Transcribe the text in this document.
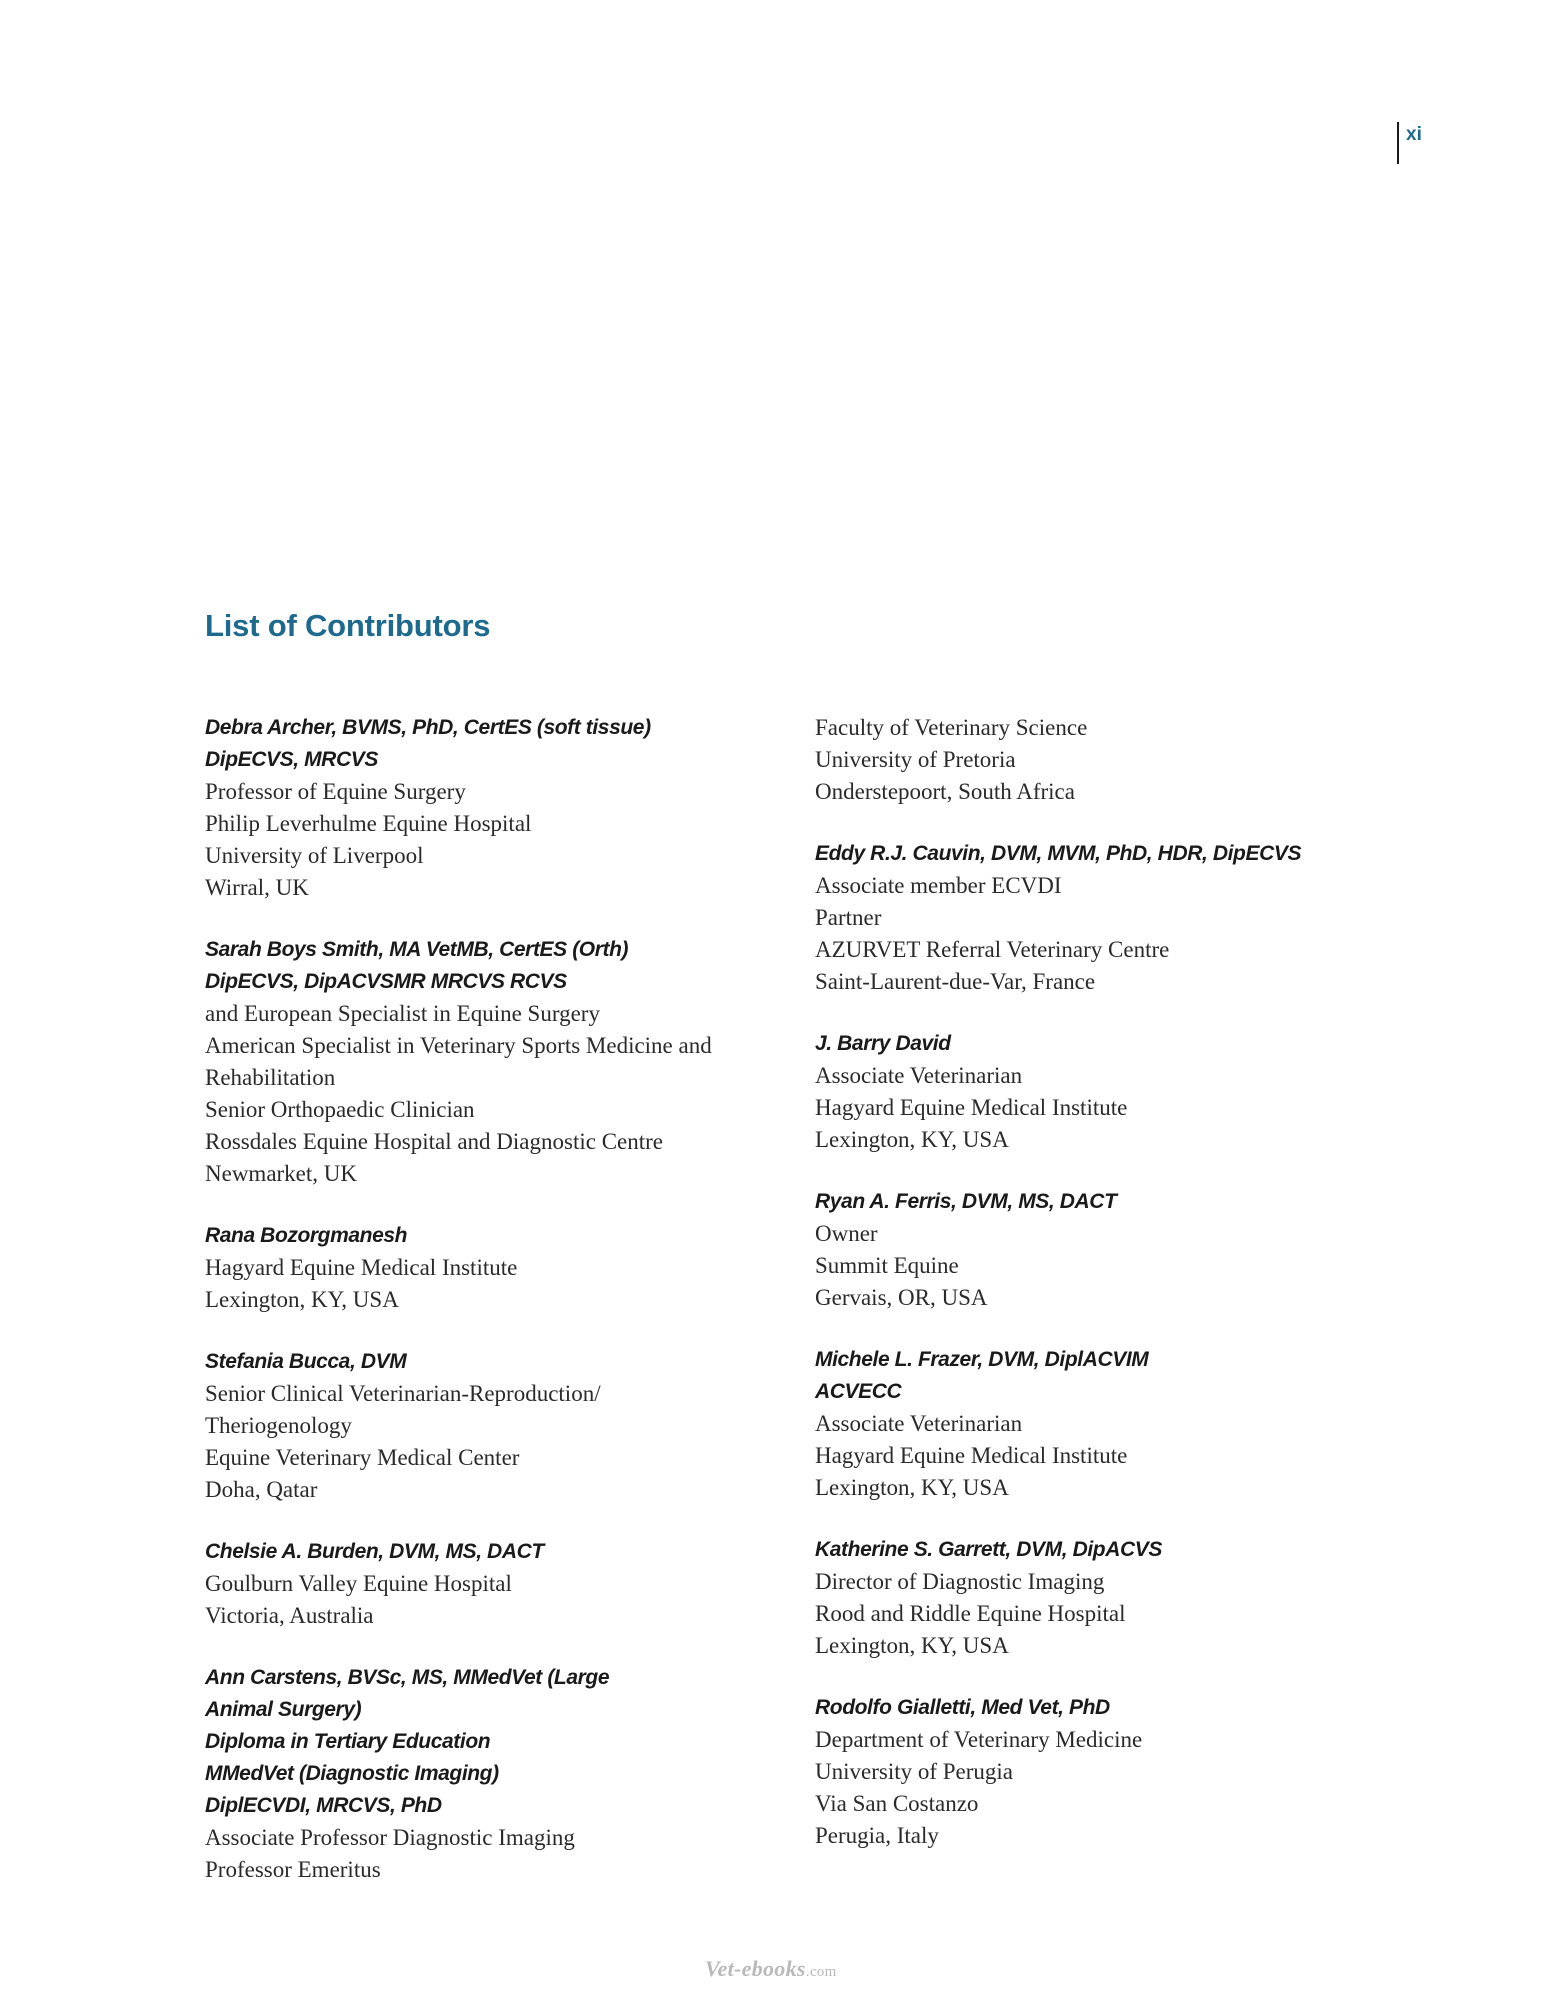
xi
List of Contributors
Debra Archer, BVMS, PhD, CertES (soft tissue)
DipECVS, MRCVS
Professor of Equine Surgery
Philip Leverhulme Equine Hospital
University of Liverpool
Wirral, UK
Sarah Boys Smith, MA VetMB, CertES (Orth)
DipECVS, DipACVSMR MRCVS RCVS
and European Specialist in Equine Surgery
American Specialist in Veterinary Sports Medicine and
Rehabilitation
Senior Orthopaedic Clinician
Rossdales Equine Hospital and Diagnostic Centre
Newmarket, UK
Rana Bozorgmanesh
Hagyard Equine Medical Institute
Lexington, KY, USA
Stefania Bucca, DVM
Senior Clinical Veterinarian-Reproduction/
Theriogenology
Equine Veterinary Medical Center
Doha, Qatar
Chelsie A. Burden, DVM, MS, DACT
Goulburn Valley Equine Hospital
Victoria, Australia
Ann Carstens, BVSc, MS, MMedVet (Large
Animal Surgery)
Diploma in Tertiary Education
MMedVet (Diagnostic Imaging)
DiplECVDI, MRCVS, PhD
Associate Professor Diagnostic Imaging
Professor Emeritus
Faculty of Veterinary Science
University of Pretoria
Onderstepoort, South Africa
Eddy R.J. Cauvin, DVM, MVM, PhD, HDR, DipECVS
Associate member ECVDI
Partner
AZURVET Referral Veterinary Centre
Saint-Laurent-due-Var, France
J. Barry David
Associate Veterinarian
Hagyard Equine Medical Institute
Lexington, KY, USA
Ryan A. Ferris, DVM, MS, DACT
Owner
Summit Equine
Gervais, OR, USA
Michele L. Frazer, DVM, DiplACVIM
ACVECC
Associate Veterinarian
Hagyard Equine Medical Institute
Lexington, KY, USA
Katherine S. Garrett, DVM, DipACVS
Director of Diagnostic Imaging
Rood and Riddle Equine Hospital
Lexington, KY, USA
Rodolfo Gialletti, Med Vet, PhD
Department of Veterinary Medicine
University of Perugia
Via San Costanzo
Perugia, Italy
Vet-ebooks.com
